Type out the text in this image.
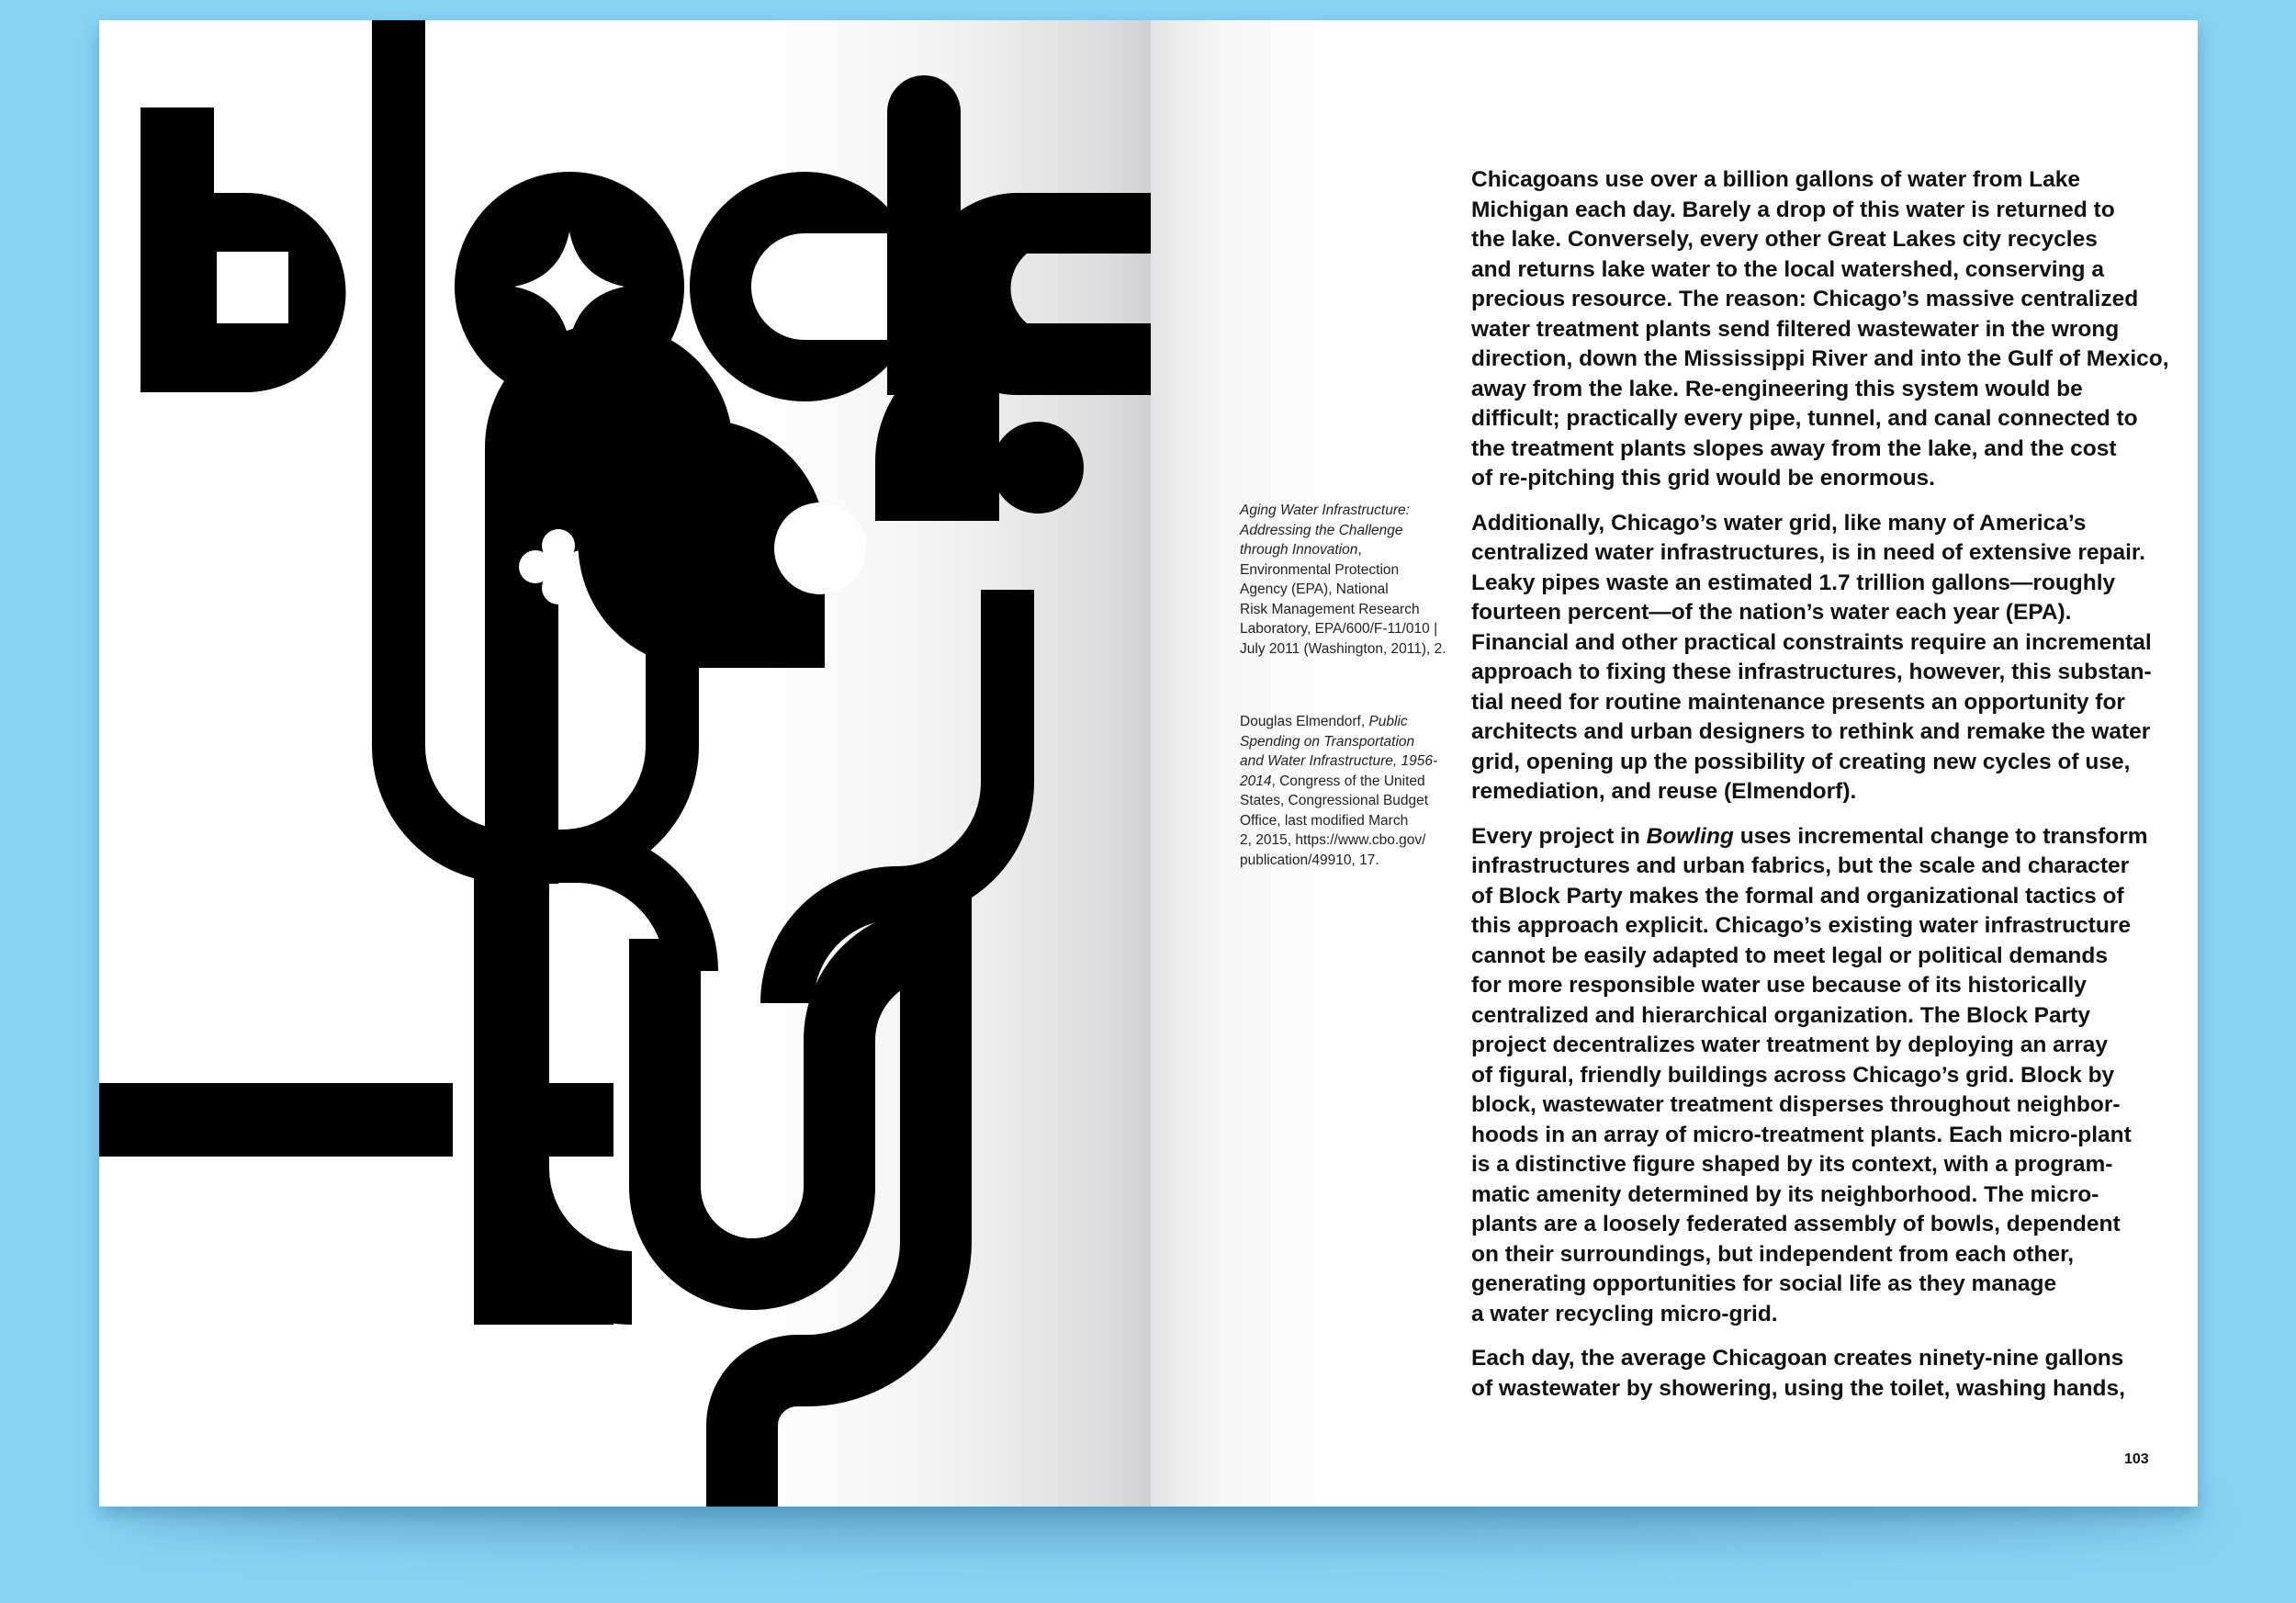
Aging Water Infrastructure:
Addressing the Challenge
through Innovation,
Environmental Protection
Agency (EPA), National
Risk Management Research
Laboratory, EPA/600/F-11/010 |
July 2011 (Washington, 2011), 2.
Douglas Elmendorf, Public
Spending on Transportation
and Water Infrastructure, 1956-
2014, Congress of the United
States, Congressional Budget
Office, last modified March
2, 2015, https://www.cbo.gov/
publication/49910, 17.

Chicagoans use over a billion gallons of water from Lake
Michigan each day. Barely a drop of this water is returned to
the lake. Conversely, every other Great Lakes city recycles
and returns lake water to the local watershed, conserving a
precious resource. The reason: Chicago’s massive centralized
water treatment plants send filtered wastewater in the wrong
direction, down the Mississippi River and into the Gulf of Mexico,
away from the lake. Re-engineering this system would be
difficult; practically every pipe, tunnel, and canal connected to
the treatment plants slopes away from the lake, and the cost
of re-pitching this grid would be enormous.

Additionally, Chicago’s water grid, like many of America’s
centralized water infrastructures, is in need of extensive repair.
Leaky pipes waste an estimated 1.7 trillion gallons—roughly
fourteen percent—of the nation’s water each year (EPA).
Financial and other practical constraints require an incremental
approach to fixing these infrastructures, however, this substan-
tial need for routine maintenance presents an opportunity for
architects and urban designers to rethink and remake the water
grid, opening up the possibility of creating new cycles of use,
remediation, and reuse (Elmendorf).

Every project in Bowling uses incremental change to transform
infrastructures and urban fabrics, but the scale and character
of Block Party makes the formal and organizational tactics of
this approach explicit. Chicago’s existing water infrastructure
cannot be easily adapted to meet legal or political demands
for more responsible water use because of its historically
centralized and hierarchical organization. The Block Party
project decentralizes water treatment by deploying an array
of figural, friendly buildings across Chicago’s grid. Block by
block, wastewater treatment disperses throughout neighbor-
hoods in an array of micro-treatment plants. Each micro-plant
is a distinctive figure shaped by its context, with a program-
matic amenity determined by its neighborhood. The micro-
plants are a loosely federated assembly of bowls, dependent
on their surroundings, but independent from each other,
generating opportunities for social life as they manage
a water recycling micro-grid.

Each day, the average Chicagoan creates ninety-nine gallons
of wastewater by showering, using the toilet, washing hands,

103
